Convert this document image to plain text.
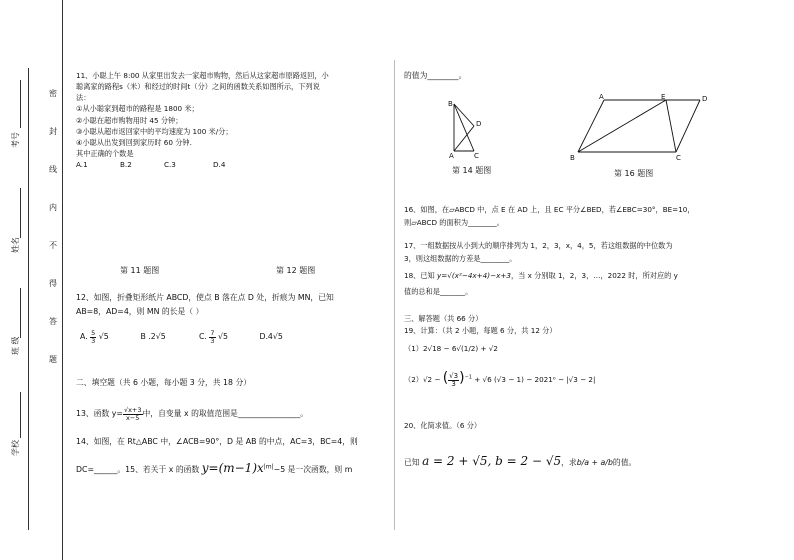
考号
姓名
班 级
学校
密
封
线
内
不
得
答
题
11、小聪上午 8:00 从家里出发去一家超市购物，然后从这家超市原路返回，小
聪离家的路程s（米）和经过的时间t（分）之间的函数关系如图所示，下列说
法：
①从小聪家到超市的路程是 1800 米；
②小聪在超市购物用时 45 分钟；
③小聪从超市返回家中的平均速度为 100 米/分；
④小聪从出发到回到家历时 60 分钟.
其中正确的个数是
A.1	B.2	C.3	D.4
第 11 题图	第 12 题图
12、如图，折叠矩形纸片 ABCD，使点 B 落在点 D 处，折痕为 MN，已知
AB=8，AD=4，则 MN 的长是（ ）
A. $\frac{5}{3} √5$	B .2√5	C. $\frac{7}{3} √5$	D.4√5
二、填空题（共 6 小题，每小题 3 分，共 18 分）
13、函数 $y= \frac{√x+3}{x-5}$ 中，自变量 x 的取值范围是________________。
14、如图，在 Rt△ABC 中，∠ACB=90°，D 是 AB 的中点，AC=3，BC=4，则
DC=______。15、若关于 x 的函数 $y=(m-1)x^{|m|}-5$ 是一次函数，则 m
的值为________。
B
D
A	C
A	E	D
B	C
第 14 题图	第 16 题图
16、如图，在▱ABCD 中，点 E 在 AD 上，且 EC 平分∠BED，若∠EBC=30°，BE=10，
则▱ABCD 的面积为________。
17、一组数据按从小到大的顺序排列为 1，2，3，x，4，5，若这组数据的中位数为
3，则这组数据的方差是________。
18、已知 y=√(x²−4x+4)−x+3，当 x 分别取 1，2，3，…，2022 时，所对应的 y
值的总和是_______。
三、解答题（共 66 分）
19、计算：（共 2 小题，每题 6 分，共 12 分）
（1）2√18 − 6√(1/2) + √2
（2）√2 − ( $\frac{√3}{3} )^{-1} + √6$ (√3 − 1) − 2021⁰ − |√3 − 2|
20、化简求值。（6 分）
已知 a = 2 + √5, b = 2 − √5，求b/a + a/b的值。
